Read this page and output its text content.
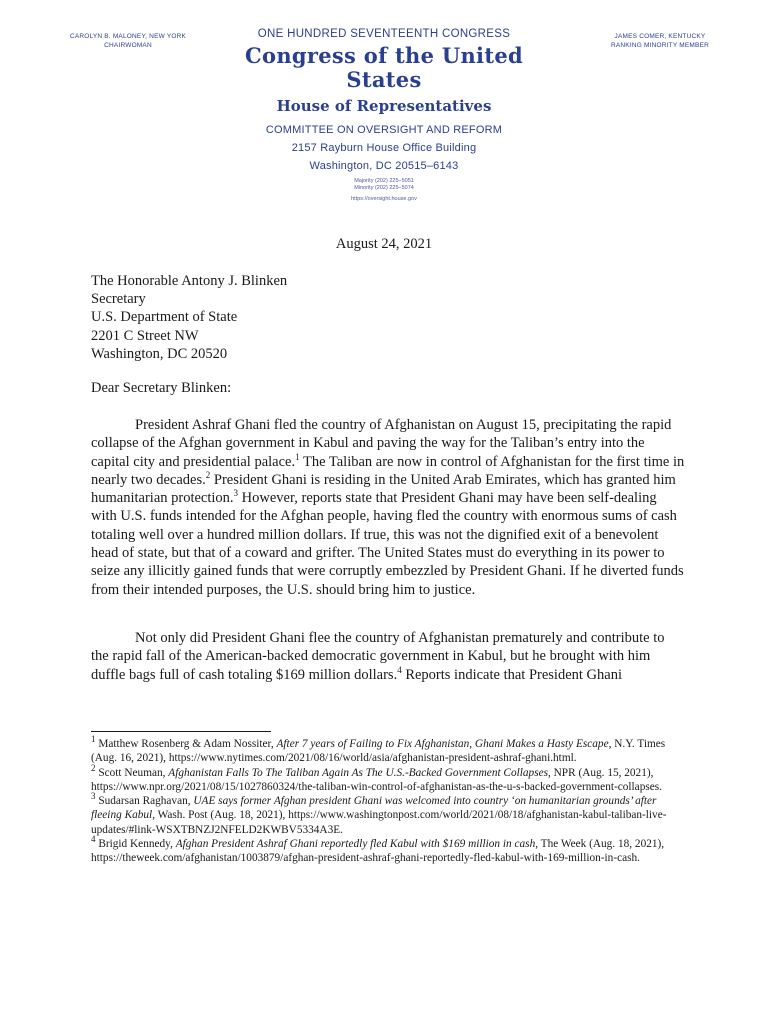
CAROLYN B. MALONEY, NEW YORK
CHAIRWOMAN
ONE HUNDRED SEVENTEENTH CONGRESS
Congress of the United States
House of Representatives
COMMITTEE ON OVERSIGHT AND REFORM
2157 Rayburn House Office Building
Washington, DC 20515–6143
Majority (202) 225–5051
Minority (202) 225–5074
https://oversight.house.gov
JAMES COMER, KENTUCKY
RANKING MINORITY MEMBER
August 24, 2021
The Honorable Antony J. Blinken
Secretary
U.S. Department of State
2201 C Street NW
Washington, DC 20520
Dear Secretary Blinken:

President Ashraf Ghani fled the country of Afghanistan on August 15, precipitating the rapid collapse of the Afghan government in Kabul and paving the way for the Taliban’s entry into the capital city and presidential palace.$^1$ The Taliban are now in control of Afghanistan for the first time in nearly two decades.$^2$ President Ghani is residing in the United Arab Emirates, which has granted him humanitarian protection.$^3$ However, reports state that President Ghani may have been self-dealing with U.S. funds intended for the Afghan people, having fled the country with enormous sums of cash totaling well over a hundred million dollars. If true, this was not the dignified exit of a benevolent head of state, but that of a coward and grifter. The United States must do everything in its power to seize any illicitly gained funds that were corruptly embezzled by President Ghani. If he diverted funds from their intended purposes, the U.S. should bring him to justice.

Not only did President Ghani flee the country of Afghanistan prematurely and contribute to the rapid fall of the American-backed democratic government in Kabul, but he brought with him duffle bags full of cash totaling $169 million dollars.$^4$ Reports indicate that President Ghani

$^1$ Matthew Rosenberg & Adam Nossiter, After 7 years of Failing to Fix Afghanistan, Ghani Makes a Hasty Escape, N.Y. Times (Aug. 16, 2021), https://www.nytimes.com/2021/08/16/world/asia/afghanistan-president-ashraf-ghani.html.

$^2$ Scott Neuman, Afghanistan Falls To The Taliban Again As The U.S.-Backed Government Collapses, NPR (Aug. 15, 2021), https://www.npr.org/2021/08/15/1027860324/the-taliban-win-control-of-afghanistan-as-the-u-s-backed-government-collapses.

$^3$ Sudarsan Raghavan, UAE says former Afghan president Ghani was welcomed into country ‘on humanitarian grounds’ after fleeing Kabul, Wash. Post (Aug. 18, 2021), https://www.washingtonpost.com/world/2021/08/18/afghanistan-kabul-taliban-live-updates/#link-WSXTBNZJ2NFELD2KWBV5334A3E.

$^4$ Brigid Kennedy, Afghan President Ashraf Ghani reportedly fled Kabul with $169 million in cash, The Week (Aug. 18, 2021), https://theweek.com/afghanistan/1003879/afghan-president-ashraf-ghani-reportedly-fled-kabul-with-169-million-in-cash.
